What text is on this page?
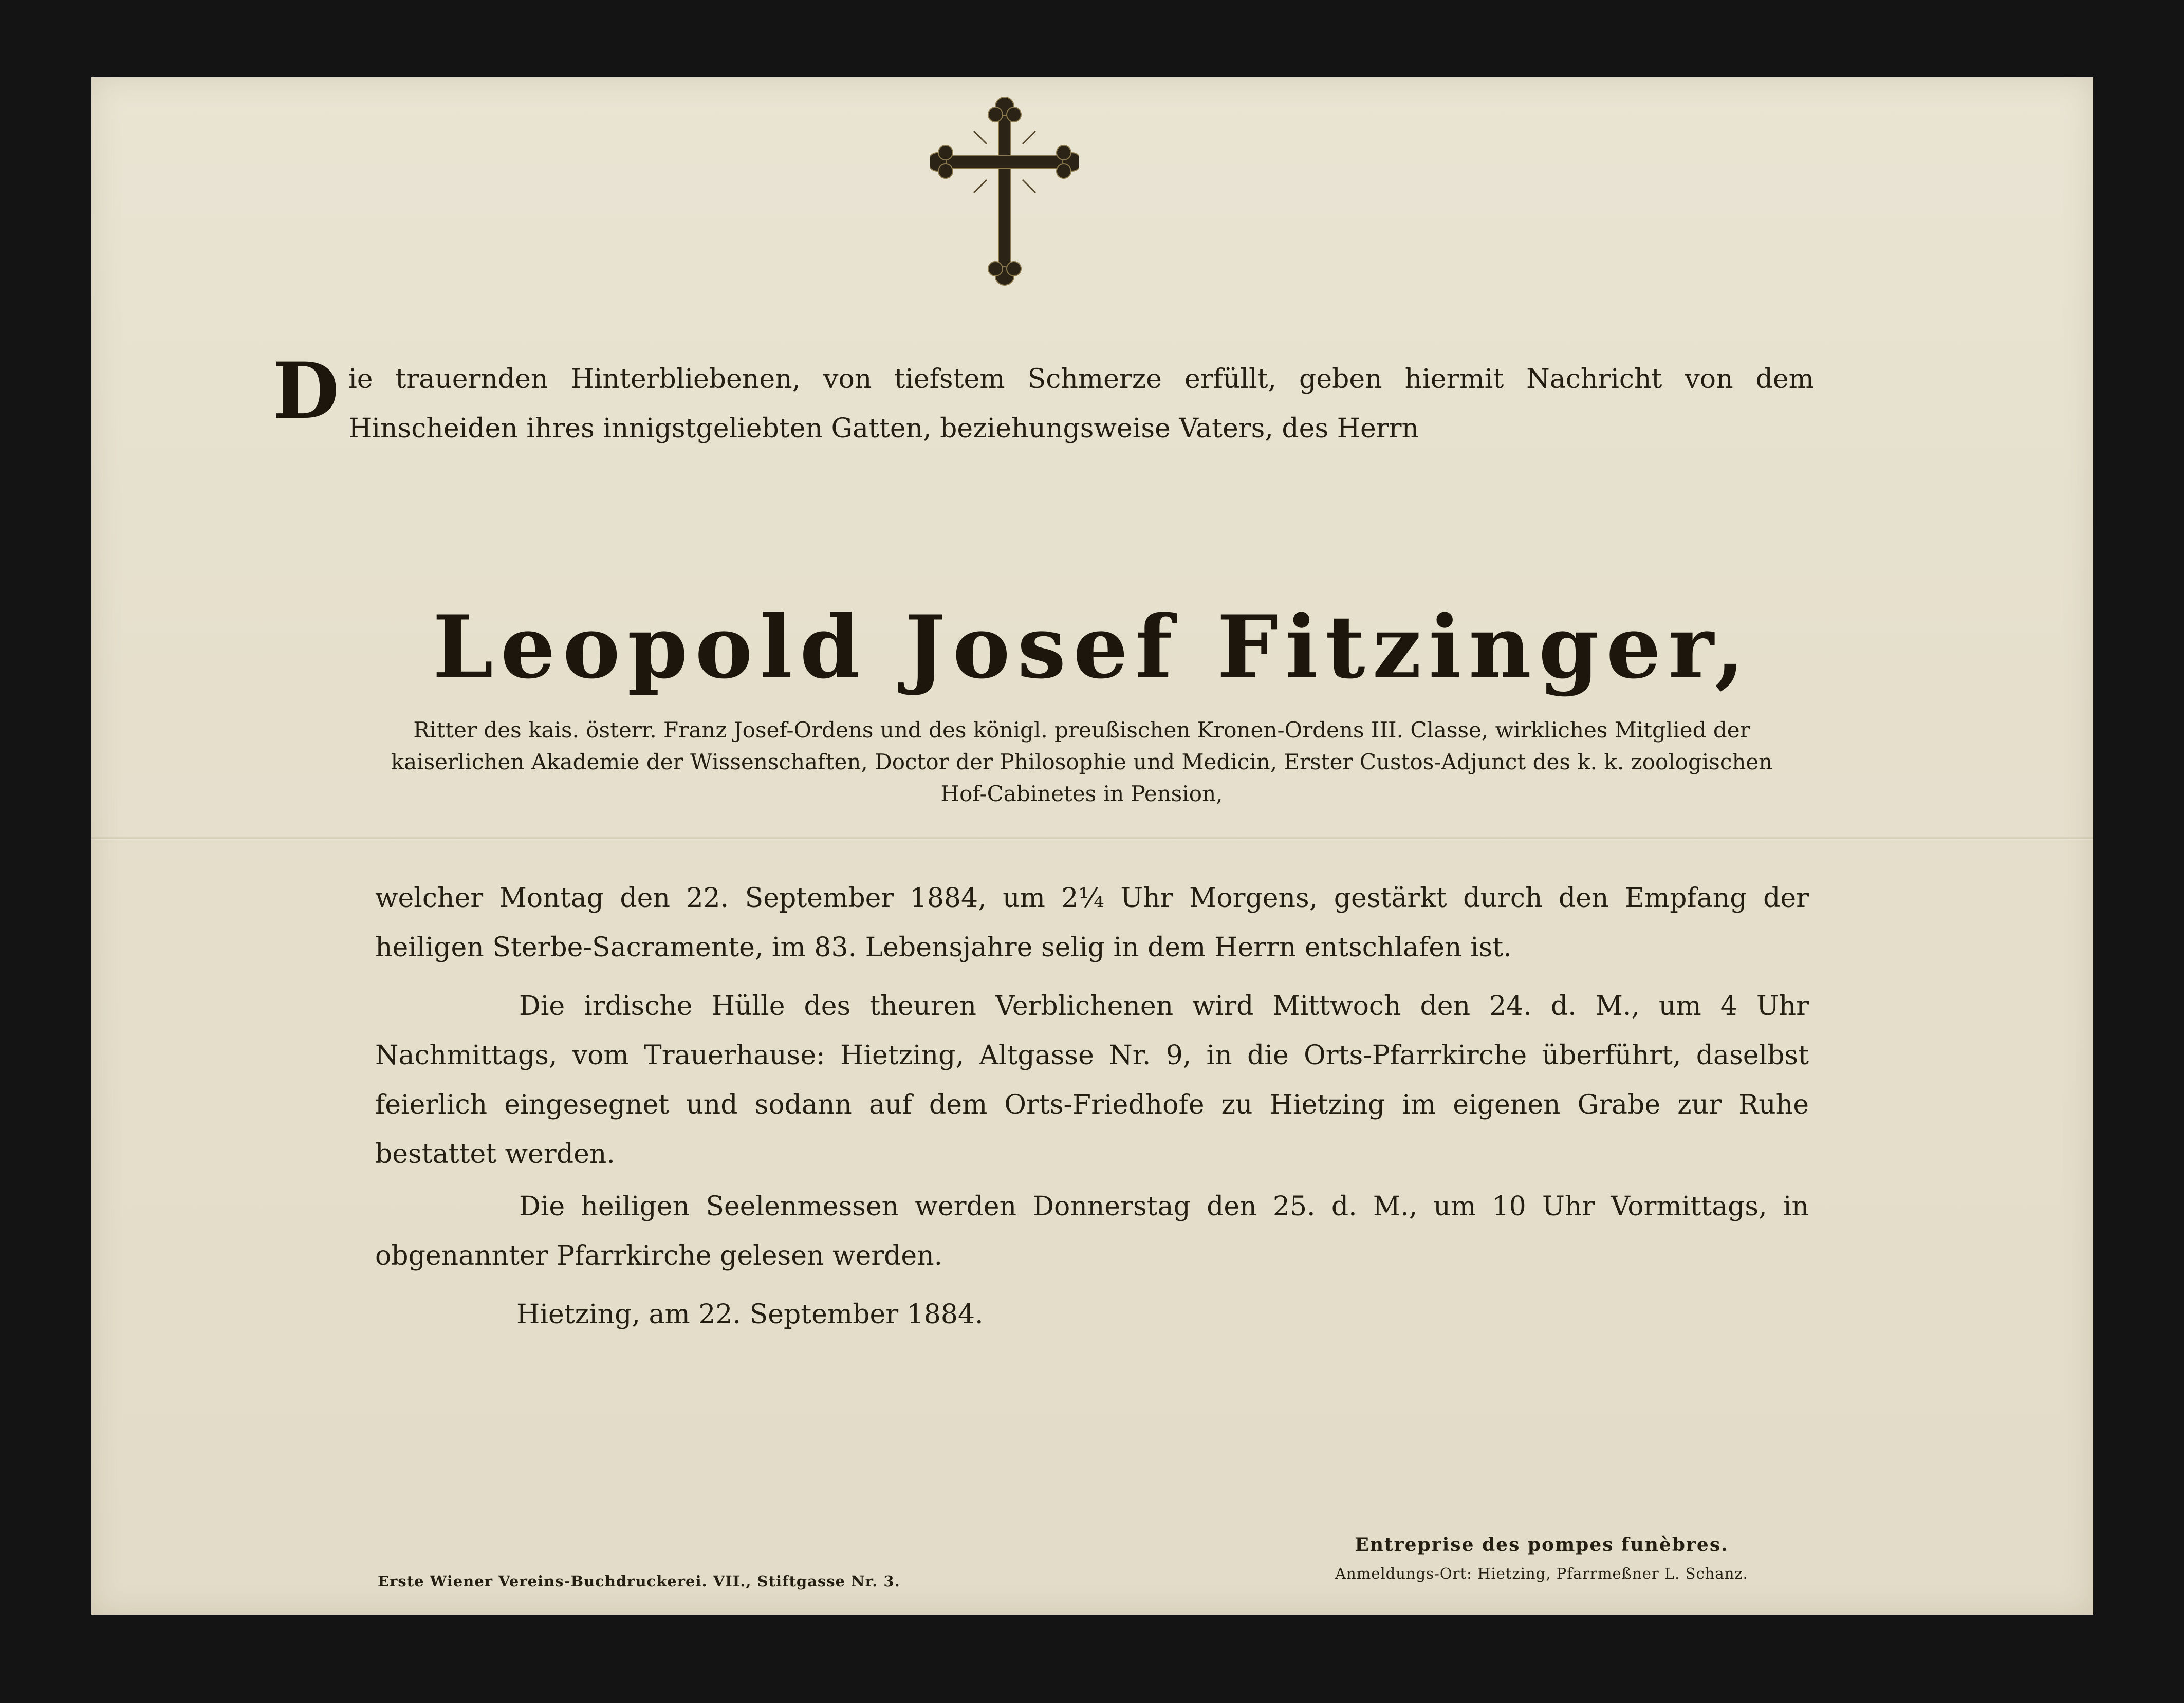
Die trauernden Hinterbliebenen, von tiefstem Schmerze erfüllt, geben hiermit Nachricht von dem Hinscheiden ihres innigstgeliebten Gatten, beziehungsweise Vaters, des Herrn

Leopold Josef Fitzinger,

Ritter des kais. österr. Franz Josef-Ordens und des königl. preußischen Kronen-Ordens III. Classe, wirkliches Mitglied der kaiserlichen Akademie der Wissenschaften, Doctor der Philosophie und Medicin, Erster Custos-Adjunct des k. k. zoologischen Hof-Cabinetes in Pension,

welcher Montag den 22. September 1884, um 2¼ Uhr Morgens, gestärkt durch den Empfang der heiligen Sterbe-Sacramente, im 83. Lebensjahre selig in dem Herrn entschlafen ist.

Die irdische Hülle des theuren Verblichenen wird Mittwoch den 24. d. M., um 4 Uhr Nachmittags, vom Trauerhause: Hietzing, Altgasse Nr. 9, in die Orts-Pfarrkirche überführt, daselbst feierlich eingesegnet und sodann auf dem Orts-Friedhofe zu Hietzing im eigenen Grabe zur Ruhe bestattet werden.

Die heiligen Seelenmessen werden Donnerstag den 25. d. M., um 10 Uhr Vormittags, in obgenannter Pfarrkirche gelesen werden.

Hietzing, am 22. September 1884.
Erste Wiener Vereins-Buchdruckerei. VII., Stiftgasse Nr. 3.
Entreprise des pompes funèbres.
Anmeldungs-Ort: Hietzing, Pfarrmeßner L. Schanz.
